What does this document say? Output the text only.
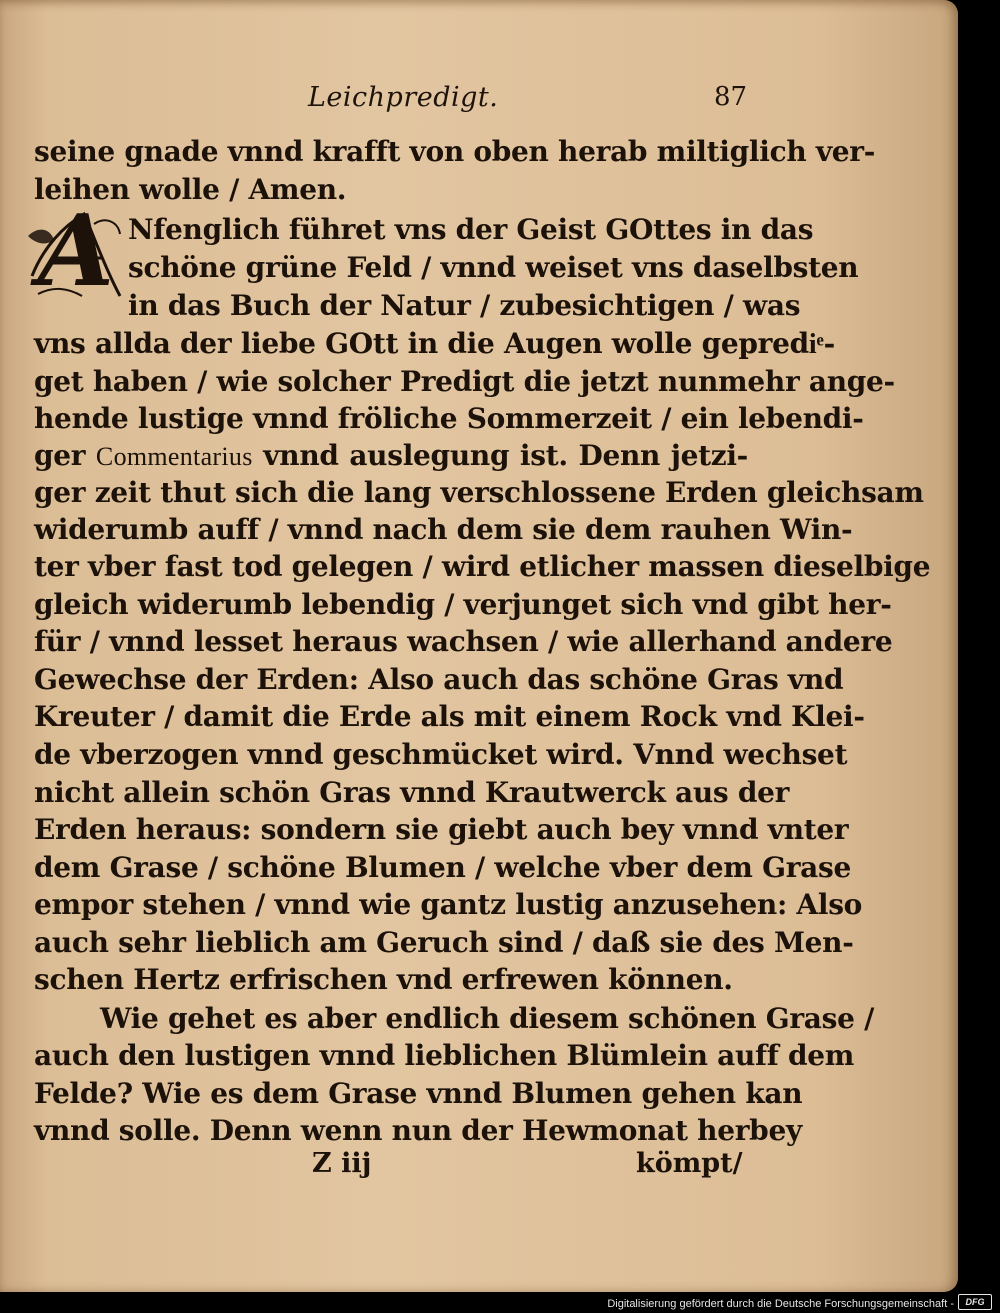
Leichpredigt.	87
A
seine gnade vnnd krafft von oben herab miltiglich ver-
leihen wolle / Amen.
Nfenglich führet vns der Geist GOttes in das
schöne grüne Feld / vnnd weiset vns daselbsten
in das Buch der Natur / zubesichtigen / was
vns allda der liebe GOtt in die Augen wolle geprediͤ-
get haben / wie solcher Predigt die jetzt nunmehr ange-
hende lustige vnnd fröliche Sommerzeit / ein lebendi-
ger Commentarius vnnd auslegung ist. Denn jetzi-
ger zeit thut sich die lang verschlossene Erden gleichsam
widerumb auff / vnnd nach dem sie dem rauhen Win-
ter vber fast tod gelegen / wird etlicher massen dieselbige
gleich widerumb lebendig / verjunget sich vnd gibt her-
für / vnnd lesset heraus wachsen / wie allerhand andere
Gewechse der Erden: Also auch das schöne Gras vnd
Kreuter / damit die Erde als mit einem Rock vnd Klei-
de vberzogen vnnd geschmücket wird. Vnnd wechset
nicht allein schön Gras vnnd Krautwerck aus der
Erden heraus: sondern sie giebt auch bey vnnd vnter
dem Grase / schöne Blumen / welche vber dem Grase
empor stehen / vnnd wie gantz lustig anzusehen: Also
auch sehr lieblich am Geruch sind / daß sie des Men-
schen Hertz erfrischen vnd erfrewen können.
Wie gehet es aber endlich diesem schönen Grase /
auch den lustigen vnnd lieblichen Blümlein auff dem
Felde? Wie es dem Grase vnnd Blumen gehen kan
vnnd solle. Denn wenn nun der Hewmonat herbey
Z iij	kömpt/
Digitalisierung gefördert durch die Deutsche Forschungsgemeinschaft -	DFG
